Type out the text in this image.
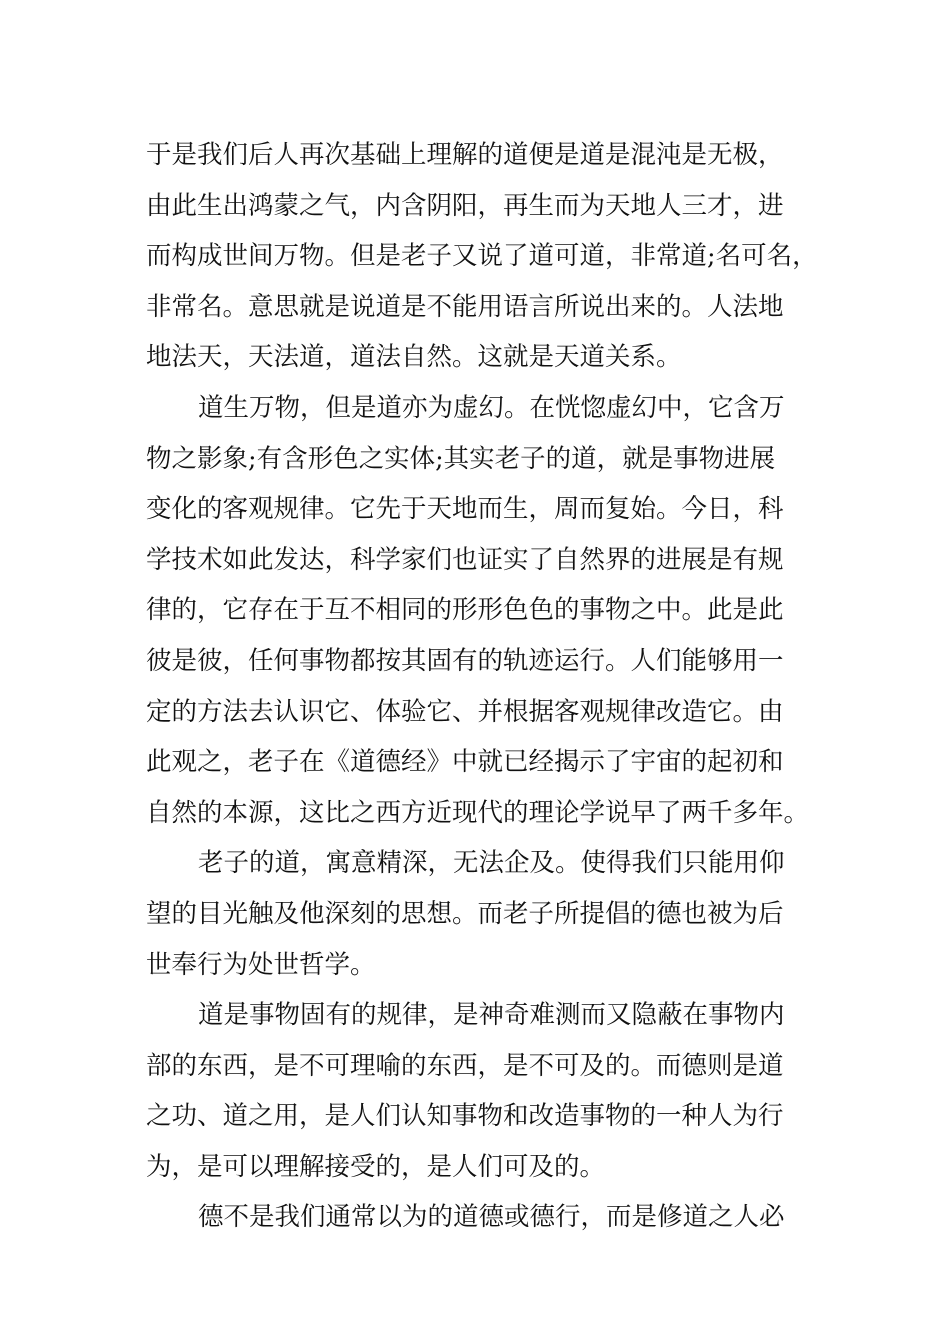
于是我们后人再次基础上理解的道便是道是混沌是无极，
由此生出鸿蒙之气，内含阴阳，再生而为天地人三才，进
而构成世间万物。但是老子又说了道可道，非常道;名可名，
非常名。意思就是说道是不能用语言所说出来的。人法地
地法天，天法道，道法自然。这就是天道关系。
道生万物，但是道亦为虚幻。在恍惚虚幻中，它含万
物之影象;有含形色之实体;其实老子的道，就是事物进展
变化的客观规律。它先于天地而生，周而复始。今日，科
学技术如此发达，科学家们也证实了自然界的进展是有规
律的，它存在于互不相同的形形色色的事物之中。此是此
彼是彼，任何事物都按其固有的轨迹运行。人们能够用一
定的方法去认识它、体验它、并根据客观规律改造它。由
此观之，老子在《道德经》中就已经揭示了宇宙的起初和
自然的本源，这比之西方近现代的理论学说早了两千多年。
老子的道，寓意精深，无法企及。使得我们只能用仰
望的目光触及他深刻的思想。而老子所提倡的德也被为后
世奉行为处世哲学。
道是事物固有的规律，是神奇难测而又隐蔽在事物内
部的东西，是不可理喻的东西，是不可及的。而德则是道
之功、道之用，是人们认知事物和改造事物的一种人为行
为，是可以理解接受的，是人们可及的。
德不是我们通常以为的道德或德行，而是修道之人必
